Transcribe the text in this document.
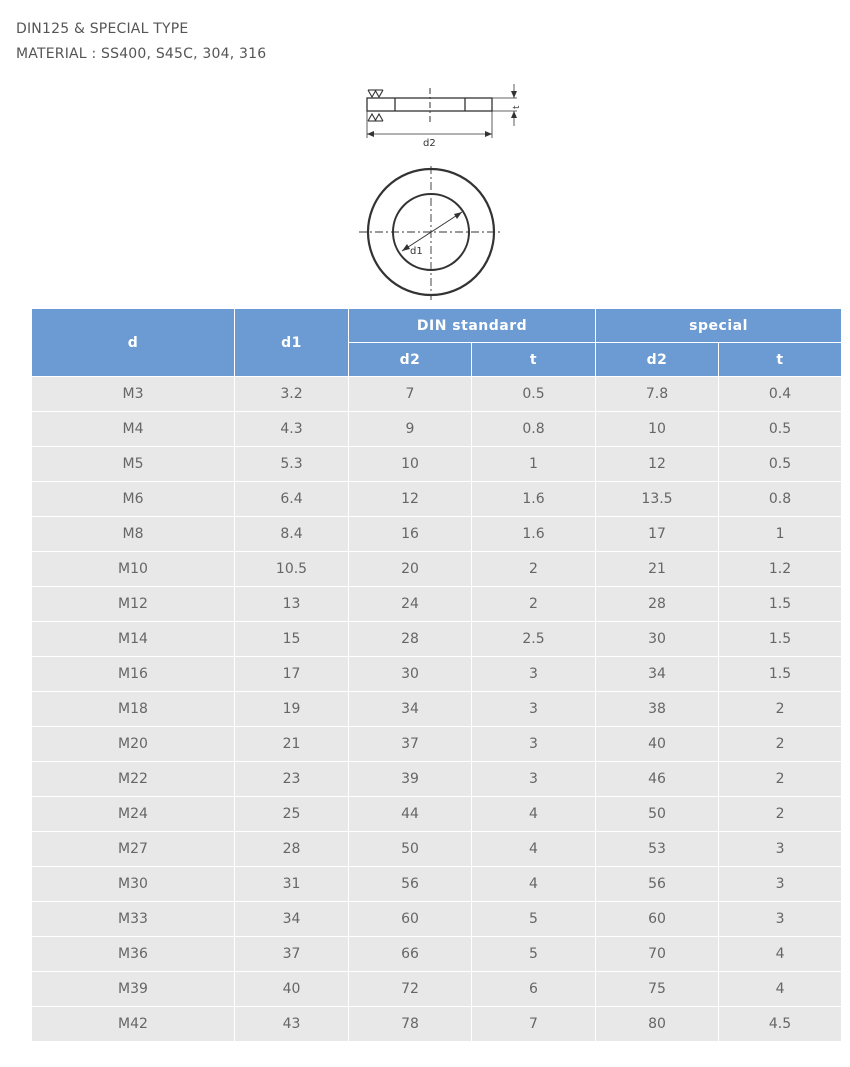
DIN125 & SPECIAL TYPE
MATERIAL : SS400, S45C, 304, 316
d2
t
d1
d	d1	DIN standard		special	
		d2	t	d2	t
M3	3.2	7	0.5	7.8	0.4
M4	4.3	9	0.8	10	0.5
M5	5.3	10	1	12	0.5
M6	6.4	12	1.6	13.5	0.8
M8	8.4	16	1.6	17	1
M10	10.5	20	2	21	1.2
M12	13	24	2	28	1.5
M14	15	28	2.5	30	1.5
M16	17	30	3	34	1.5
M18	19	34	3	38	2
M20	21	37	3	40	2
M22	23	39	3	46	2
M24	25	44	4	50	2
M27	28	50	4	53	3
M30	31	56	4	56	3
M33	34	60	5	60	3
M36	37	66	5	70	4
M39	40	72	6	75	4
M42	43	78	7	80	4.5
